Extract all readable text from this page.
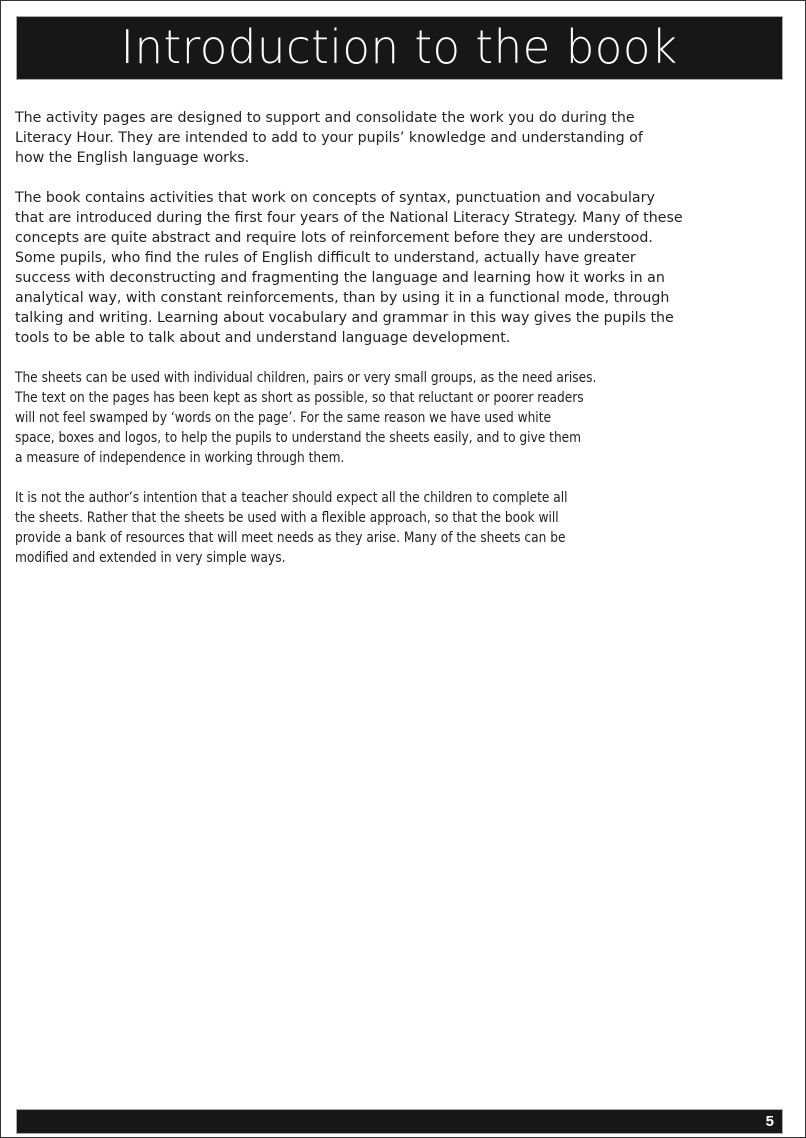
Introduction to the book

The activity pages are designed to support and consolidate the work you do during the
Literacy Hour. They are intended to add to your pupils’ knowledge and understanding of
how the English language works.

The book contains activities that work on concepts of syntax, punctuation and vocabulary
that are introduced during the first four years of the National Literacy Strategy. Many of these
concepts are quite abstract and require lots of reinforcement before they are understood.
Some pupils, who find the rules of English difficult to understand, actually have greater
success with deconstructing and fragmenting the language and learning how it works in an
analytical way, with constant reinforcements, than by using it in a functional mode, through
talking and writing. Learning about vocabulary and grammar in this way gives the pupils the
tools to be able to talk about and understand language development.

The sheets can be used with individual children, pairs or very small groups, as the need arises.
The text on the pages has been kept as short as possible, so that reluctant or poorer readers
will not feel swamped by ‘words on the page’. For the same reason we have used white
space, boxes and logos, to help the pupils to understand the sheets easily, and to give them
a measure of independence in working through them.

It is not the author’s intention that a teacher should expect all the children to complete all
the sheets. Rather that the sheets be used with a flexible approach, so that the book will
provide a bank of resources that will meet needs as they arise. Many of the sheets can be
modified and extended in very simple ways.

5
